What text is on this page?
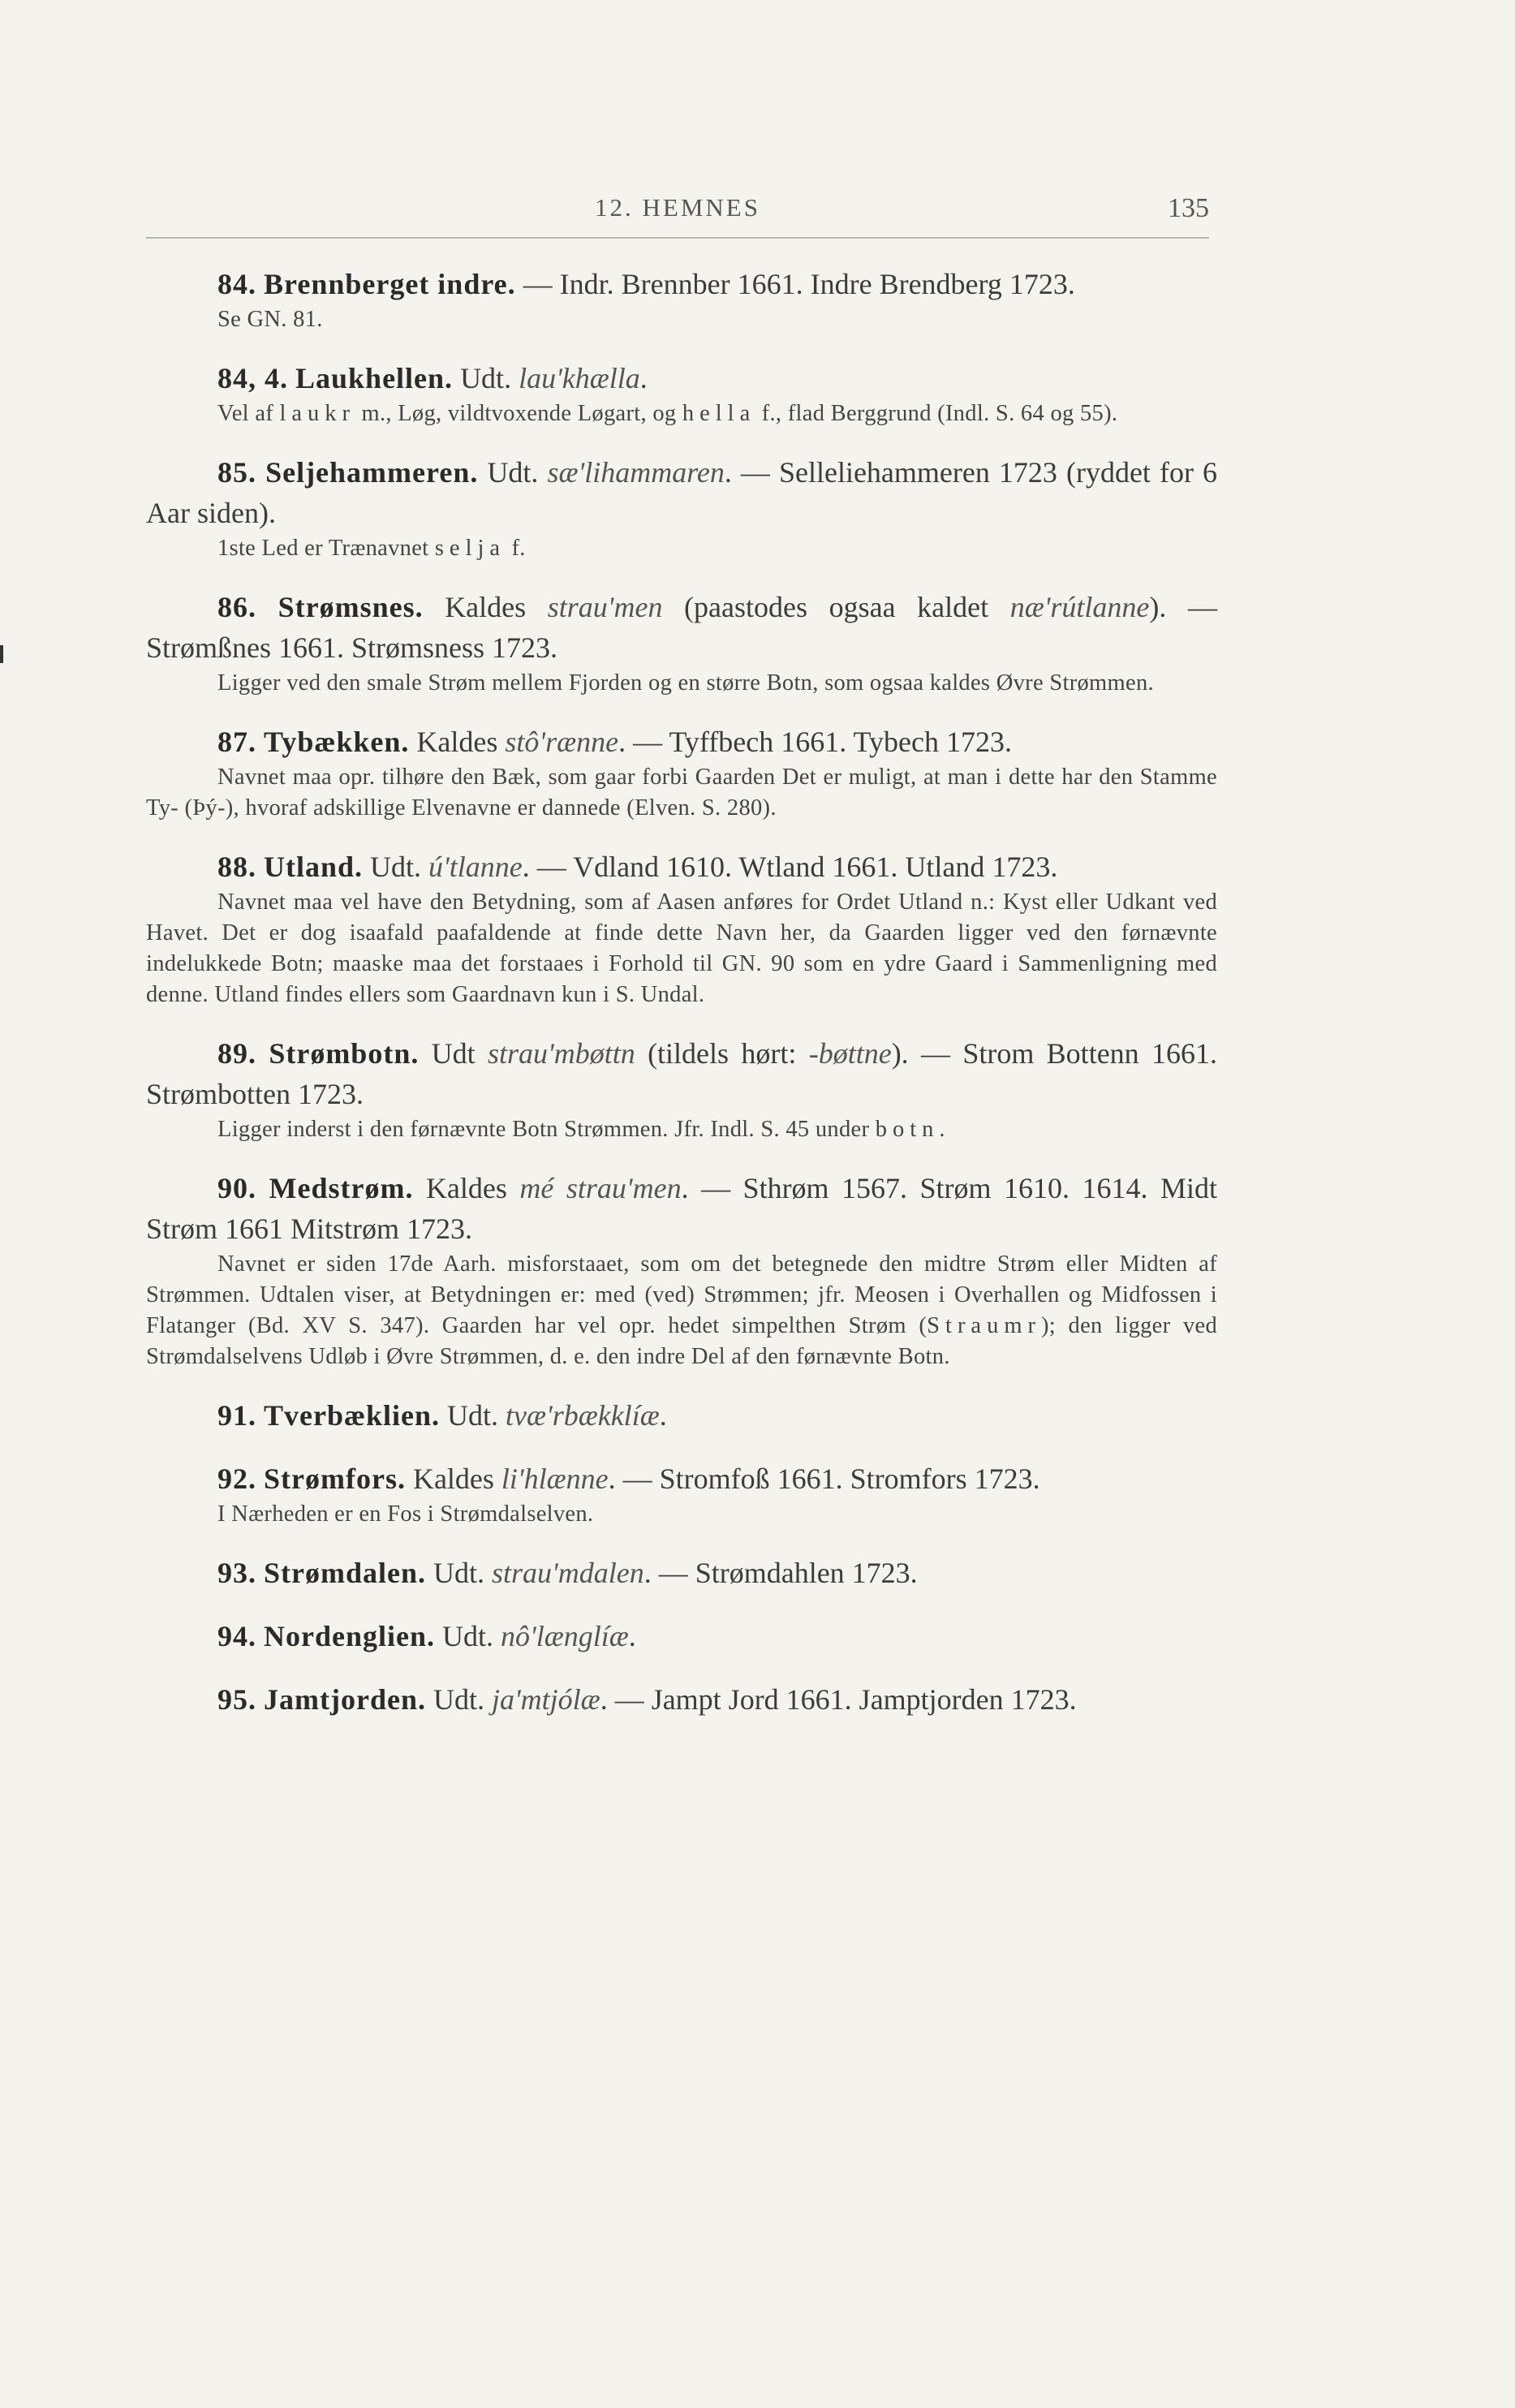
12. HEMNES	135
84. Brennberget indre. — Indr. Brennber 1661. Indre Brendberg 1723.
Se GN. 81.
84, 4. Laukhellen. Udt. lau'khælla.
Vel af laukr m., Løg, vildtvoxende Løgart, og hella f., flad Berggrund (Indl. S. 64 og 55).
85. Seljehammeren. Udt. sæ'lihammaren. — Selleliehammeren 1723 (ryddet for 6 Aar siden).
1ste Led er Trænavnet selja f.
86. Strømsnes. Kaldes strau'men (paastodes ogsaa kaldet næ'rútlanne). — Strømßnes 1661. Strømsness 1723.
Ligger ved den smale Strøm mellem Fjorden og en større Botn, som ogsaa kaldes Øvre Strømmen.
87. Tybækken. Kaldes stô'rænne. — Tyffbech 1661. Tybech 1723.
Navnet maa opr. tilhøre den Bæk, som gaar forbi Gaarden Det er muligt, at man i dette har den Stamme Ty- (Þý-), hvoraf adskillige Elvenavne er dannede (Elven. S. 280).
88. Utland. Udt. ú'tlanne. — Vdland 1610. Wtland 1661. Utland 1723.
Navnet maa vel have den Betydning, som af Aasen anføres for Ordet Utland n.: Kyst eller Udkant ved Havet. Det er dog isaafald paafaldende at finde dette Navn her, da Gaarden ligger ved den førnævnte indelukkede Botn; maaske maa det forstaaes i Forhold til GN. 90 som en ydre Gaard i Sammenligning med denne. Utland findes ellers som Gaardnavn kun i S. Undal.
89. Strømbotn. Udt strau'mbøttn (tildels hørt: -bøttne). — Strom Bottenn 1661. Strømbotten 1723.
Ligger inderst i den førnævnte Botn Strømmen. Jfr. Indl. S. 45 under botn.
90. Medstrøm. Kaldes mé strau'men. — Sthrøm 1567. Strøm 1610. 1614. Midt Strøm 1661 Mitstrøm 1723.
Navnet er siden 17de Aarh. misforstaaet, som om det betegnede den midtre Strøm eller Midten af Strømmen. Udtalen viser, at Betydningen er: med (ved) Strømmen; jfr. Meosen i Overhallen og Midfossen i Flatanger (Bd. XV S. 347). Gaarden har vel opr. hedet simpelthen Strøm (Straumr); den ligger ved Strømdalselvens Udløb i Øvre Strømmen, d. e. den indre Del af den førnævnte Botn.
91. Tverbæklien. Udt. tvæ'rbækklíæ.
92. Strømfors. Kaldes li'hlænne. — Stromfoß 1661. Stromfors 1723.
I Nærheden er en Fos i Strømdalselven.
93. Strømdalen. Udt. strau'mdalen. — Strømdahlen 1723.
94. Nordenglien. Udt. nô'længlíæ.
95. Jamtjorden. Udt. ja'mtjólæ. — Jampt Jord 1661. Jamptjorden 1723.
